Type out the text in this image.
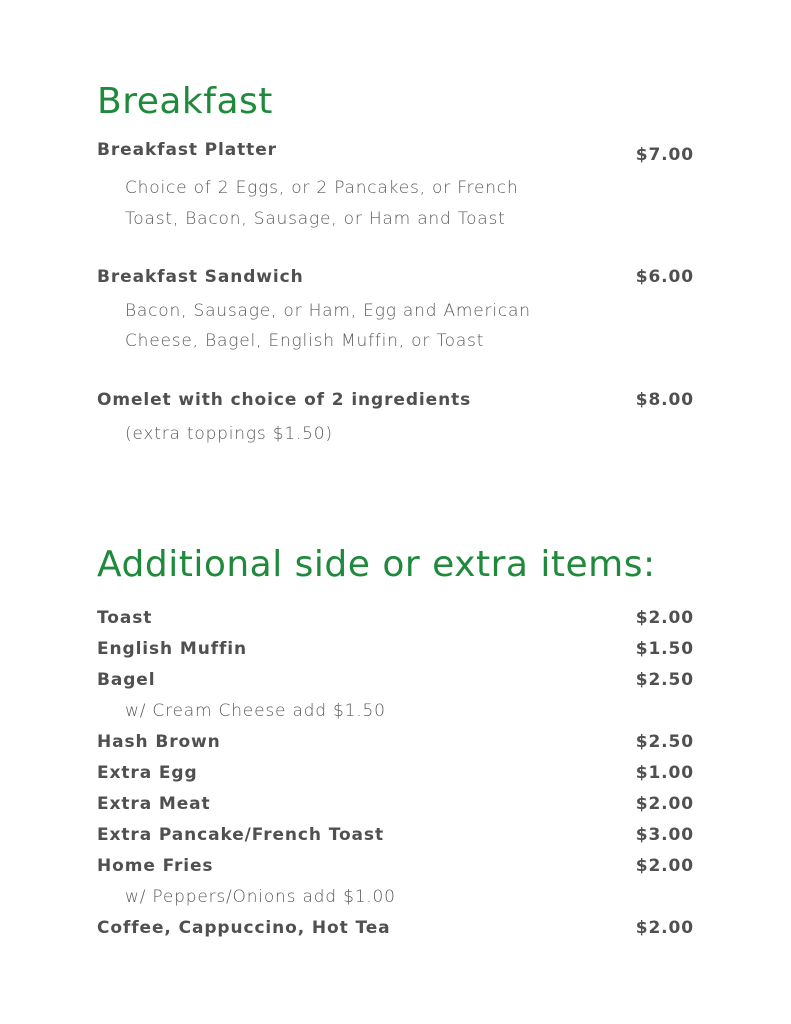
Breakfast
Breakfast Platter	$7.00
Choice of 2 Eggs, or 2 Pancakes, or French
Toast, Bacon, Sausage, or Ham and Toast
Breakfast Sandwich	$6.00
Bacon, Sausage, or Ham, Egg and American
Cheese, Bagel, English Muffin, or Toast
Omelet with choice of 2 ingredients	$8.00
(extra toppings $1.50)
Additional side or extra items:
Toast	$2.00
English Muffin	$1.50
Bagel	$2.50
w/ Cream Cheese add $1.50
Hash Brown	$2.50
Extra Egg	$1.00
Extra Meat	$2.00
Extra Pancake/French Toast	$3.00
Home Fries	$2.00
w/ Peppers/Onions add $1.00
Coffee, Cappuccino, Hot Tea	$2.00
